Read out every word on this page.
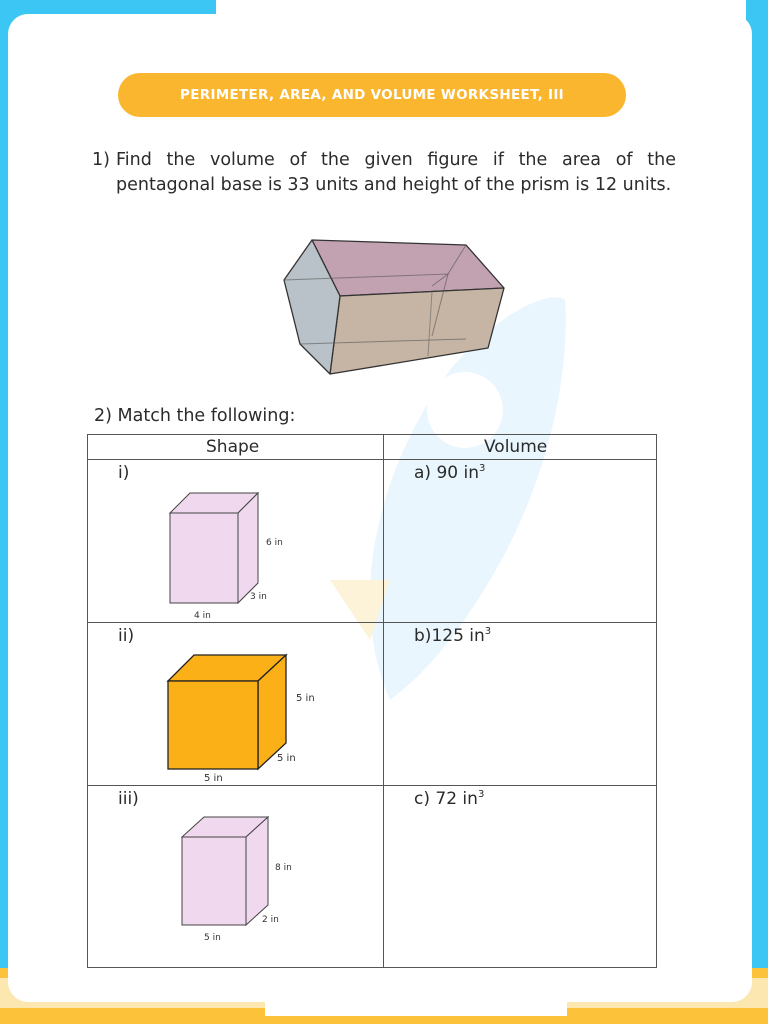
PERIMETER, AREA, AND VOLUME WORKSHEET, III
1) Find the volume of the given figure if the area of the pentagonal base is 33 units and height of the prism is 12 units.
2) Match the following:
Shape	Volume
i)	a) 90 $in^3$
ii)	b)125 $in^3$
iii)	c) 72 $in^3$
6 in
3 in
4 in
5 in
5 in
5 in
8 in
2 in
5 in
